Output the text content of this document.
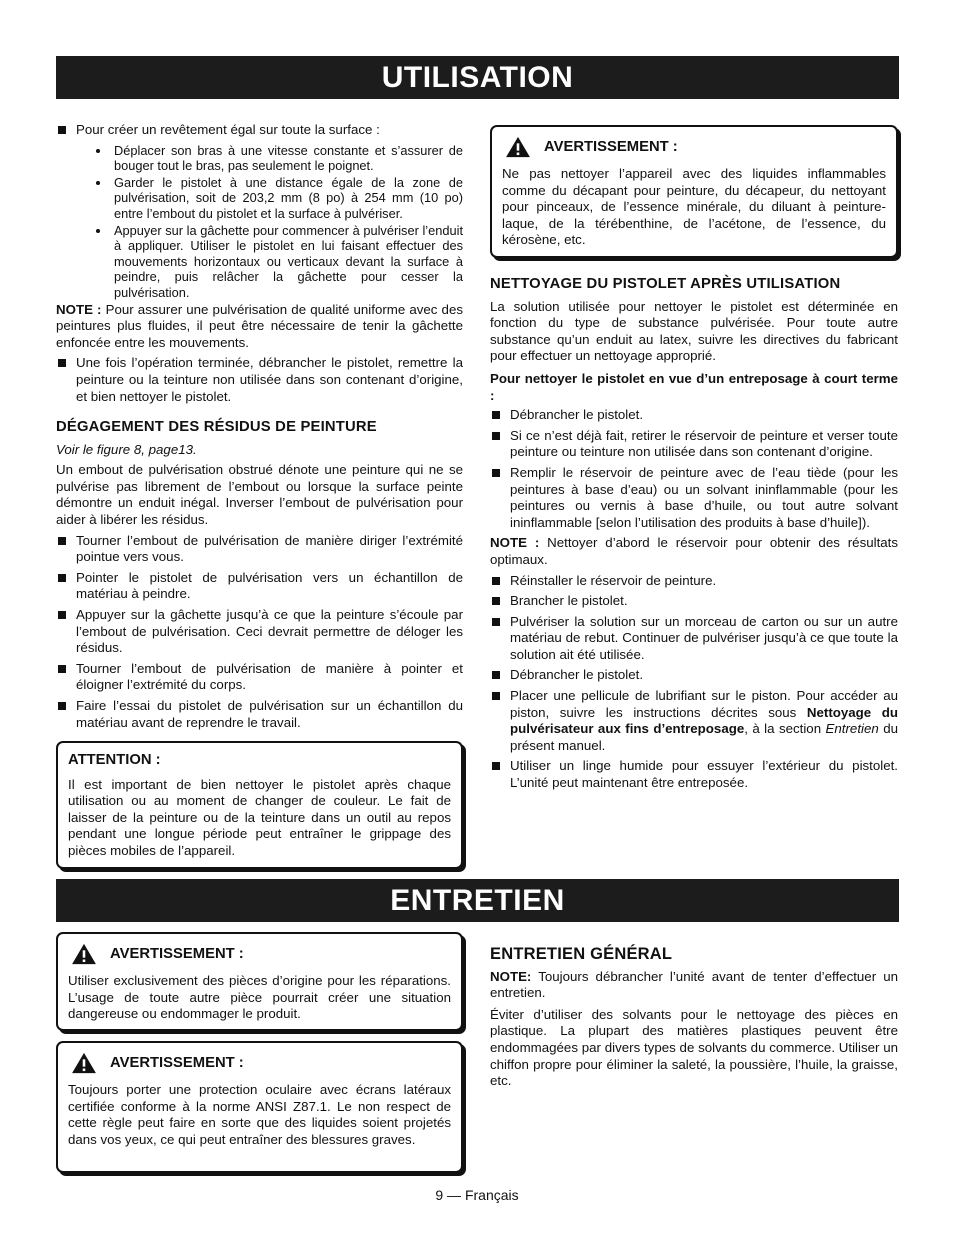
UTILISATION
Pour créer un revêtement égal sur toute la surface :
Déplacer son bras à une vitesse constante et s’assurer de bouger tout le bras, pas seulement le poignet.
Garder le pistolet à une distance égale de la zone de pulvérisation, soit de 203,2 mm (8 po) à 254 mm (10 po) entre l’embout du pistolet et la surface à pulvériser.
Appuyer sur la gâchette pour commencer à pulvériser l’enduit à appliquer. Utiliser le pistolet en lui faisant effectuer des mouvements horizontaux ou verticaux devant la surface à peindre, puis relâcher la gâchette pour cesser la pulvérisation.

NOTE : Pour assurer une pulvérisation de qualité uniforme avec des peintures plus fluides, il peut être nécessaire de tenir la gâchette enfoncée entre les mouvements.

Une fois l’opération terminée, débrancher le pistolet, remettre la peinture ou la teinture non utilisée dans son contenant d’origine, et bien nettoyer le pistolet.
DÉGAGEMENT DES RÉSIDUS DE PEINTURE

Voir le figure 8, page13.

Un embout de pulvérisation obstrué dénote une peinture qui ne se pulvérise pas librement de l’embout ou lorsque la surface peinte démontre un enduit inégal. Inverser l’embout de pulvérisation pour aider à libérer les résidus.

Tourner l’embout de pulvérisation de manière diriger l’extrémité pointue vers vous.
Pointer le pistolet de pulvérisation vers un échantillon de matériau à peindre.
Appuyer sur la gâchette jusqu’à ce que la peinture s’écoule par l’embout de pulvérisation. Ceci devrait permettre de déloger les résidus.
Tourner l’embout de pulvérisation de manière à pointer et éloigner l’extrémité du corps.
Faire l’essai du pistolet de pulvérisation sur un échantillon du matériau avant de reprendre le travail.
ATTENTION :

Il est important de bien nettoyer le pistolet après chaque utilisation ou au moment de changer de couleur. Le fait de laisser de la peinture ou de la teinture dans un outil au repos pendant une longue période peut entraîner le grippage des pièces mobiles de l’appareil.

AVERTISSEMENT :

Ne pas nettoyer l’appareil avec des liquides inflammables comme du décapant pour peinture, du décapeur, du nettoyant pour pinceaux, de l’essence minérale, du diluant à peinture-laque, de la térébenthine, de l’acétone, de l’essence, du kérosène, etc.

NETTOYAGE DU PISTOLET APRÈS UTILISATION

La solution utilisée pour nettoyer le pistolet est déterminée en fonction du type de substance pulvérisée. Pour toute autre substance qu’un enduit au latex, suivre les directives du fabricant pour effectuer un nettoyage approprié.

Pour nettoyer le pistolet en vue d’un entreposage à court terme :

Débrancher le pistolet.
Si ce n’est déjà fait, retirer le réservoir de peinture et verser toute peinture ou teinture non utilisée dans son contenant d’origine.
Remplir le réservoir de peinture avec de l’eau tiède (pour les peintures à base d’eau) ou un solvant ininflammable (pour les peintures ou vernis à base d’huile, ou tout autre solvant ininflammable [selon l’utilisation des produits à base d’huile]).

NOTE : Nettoyer d’abord le réservoir pour obtenir des résultats optimaux.

Réinstaller le réservoir de peinture.
Brancher le pistolet.
Pulvériser la solution sur un morceau de carton ou sur un autre matériau de rebut. Continuer de pulvériser jusqu’à ce que toute la solution ait été utilisée.
Débrancher le pistolet.
Placer une pellicule de lubrifiant sur le piston. Pour accéder au piston, suivre les instructions décrites sous Nettoyage du pulvérisateur aux fins d’entreposage, à la section Entretien du présent manuel.
Utiliser un linge humide pour essuyer l’extérieur du pistolet. L’unité peut maintenant être entreposée.
ENTRETIEN
AVERTISSEMENT :

Utiliser exclusivement des pièces d’origine pour les réparations. L’usage de toute autre pièce pourrait créer une situation dangereuse ou endommager le produit.

AVERTISSEMENT :

Toujours porter une protection oculaire avec écrans latéraux certifiée conforme à la norme ANSI Z87.1. Le non respect de cette règle peut faire en sorte que des liquides soient projetés dans vos yeux, ce qui peut entraîner des blessures graves.

ENTRETIEN GÉNÉRAL

NOTE: Toujours débrancher l’unité avant de tenter d’effectuer un entretien.

Éviter d’utiliser des solvants pour le nettoyage des pièces en plastique. La plupart des matières plastiques peuvent être endommagées par divers types de solvants du commerce. Utiliser un chiffon propre pour éliminer la saleté, la poussière, l’huile, la graisse, etc.

9 — Français
